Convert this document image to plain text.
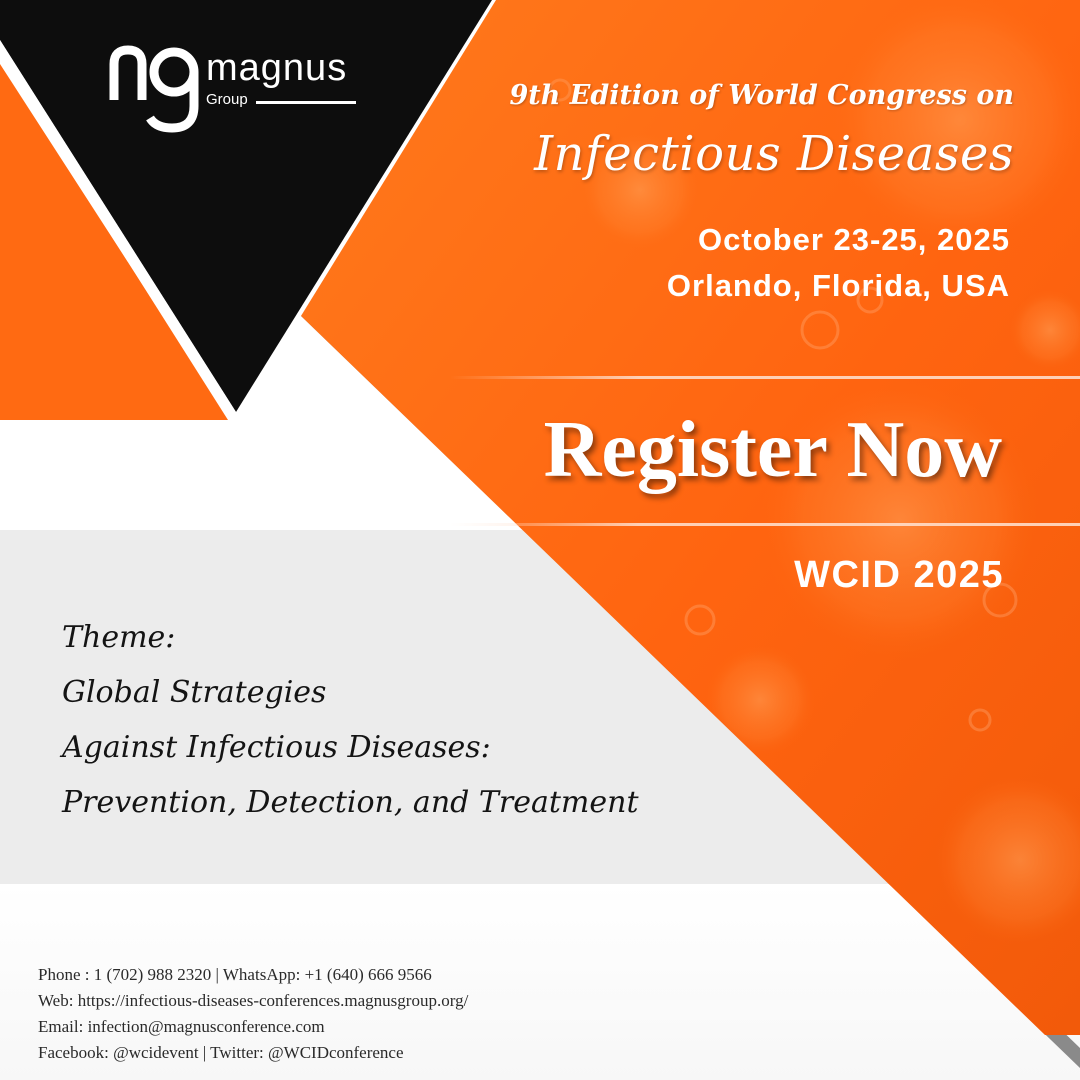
magnus
Group	9th Edition of World Congress on
Infectious Diseases
October 23-25, 2025
Orlando, Florida, USA
Register Now
WCID 2025
Theme:
Global Strategies
Against Infectious Diseases:
Prevention, Detection, and Treatment
Phone : 1 (702) 988 2320 | WhatsApp: +1 (640) 666 9566
Web: https://infectious-diseases-conferences.magnusgroup.org/
Email: infection@magnusconference.com
Facebook: @wcidevent | Twitter: @WCIDconference
